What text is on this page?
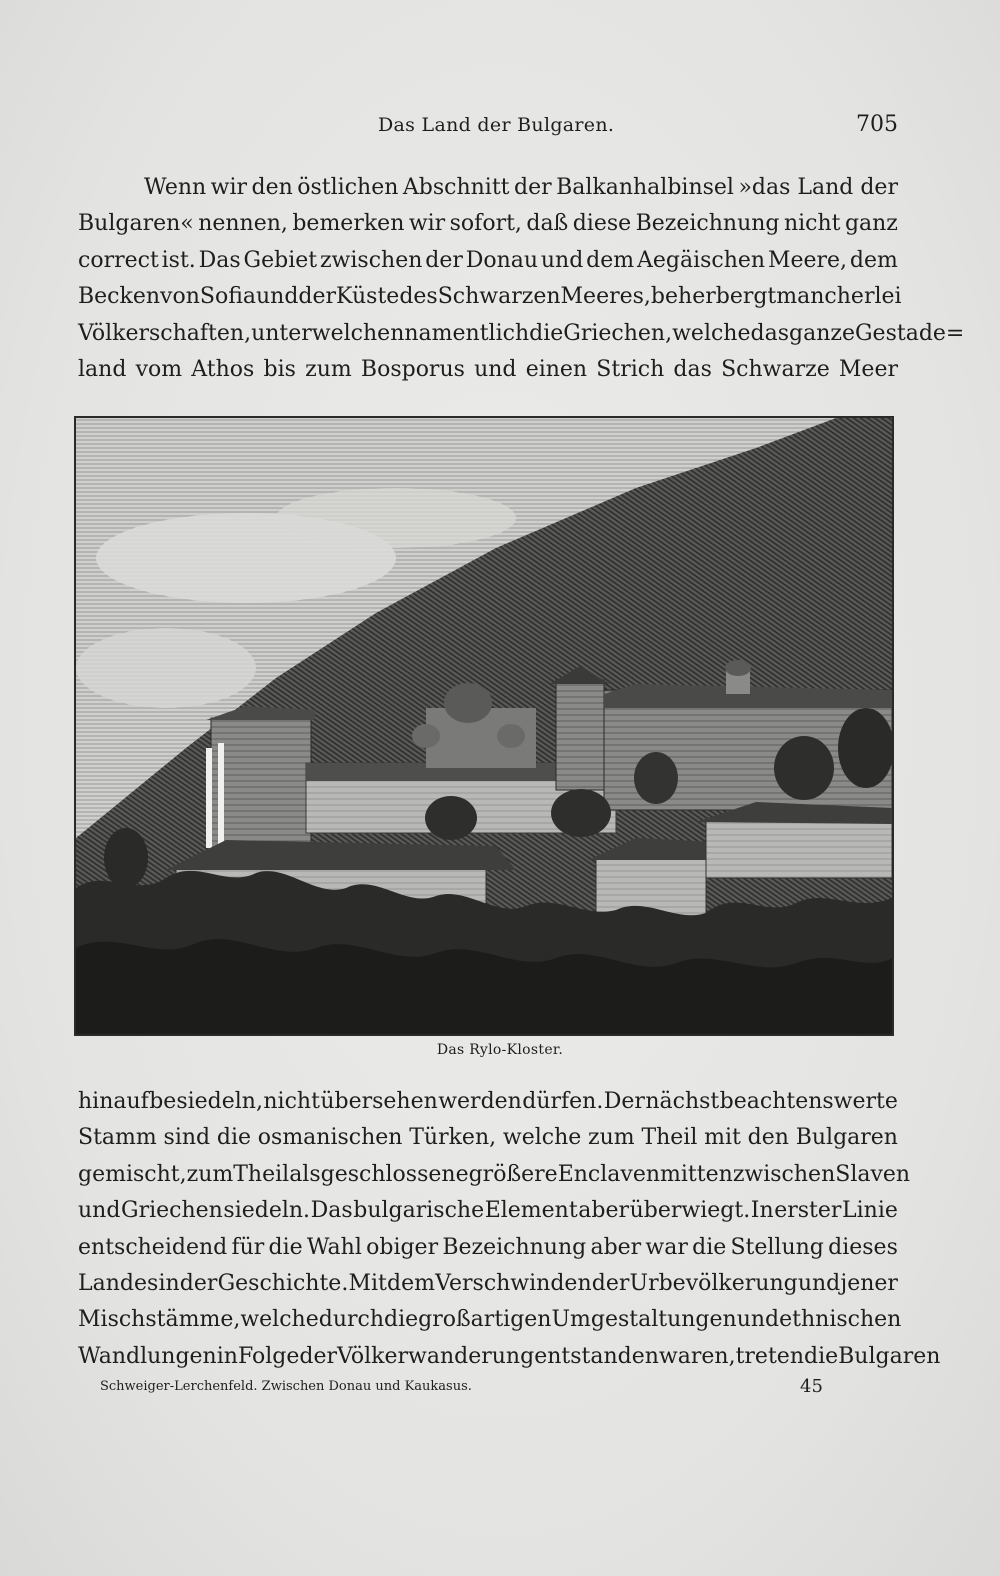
Das Land der Bulgaren.	705
Wenn wir den östlichen Abschnitt der Balkanhalbinsel »das Land der
Bulgaren« nennen, bemerken wir sofort, daß diese Bezeichnung nicht ganz
correct ist. Das Gebiet zwischen der Donau und dem Aegäischen Meere, dem
Becken von Sofia und der Küste des Schwarzen Meeres, beherbergt mancherlei
Völkerschaften, unter welchen namentlich die Griechen, welche das ganze Gestade=
land vom Athos bis zum Bosporus und einen Strich das Schwarze Meer
Das Rylo-Kloster.
hinauf besiedeln, nicht übersehen werden dürfen. Der nächst beachtenswerte
Stamm sind die osmanischen Türken, welche zum Theil mit den Bulgaren
gemischt, zum Theil als geschlossene größere Enclaven mitten zwischen Slaven
und Griechen siedeln. Das bulgarische Element aber überwiegt. In erster Linie
entscheidend für die Wahl obiger Bezeichnung aber war die Stellung dieses
Landes in der Geschichte. Mit dem Verschwinden der Urbevölkerung und jener
Mischstämme, welche durch die großartigen Umgestaltungen und ethnischen
Wandlungen in Folge der Völkerwanderung entstanden waren, treten die Bulgaren
Schweiger-Lerchenfeld. Zwischen Donau und Kaukasus.	45
